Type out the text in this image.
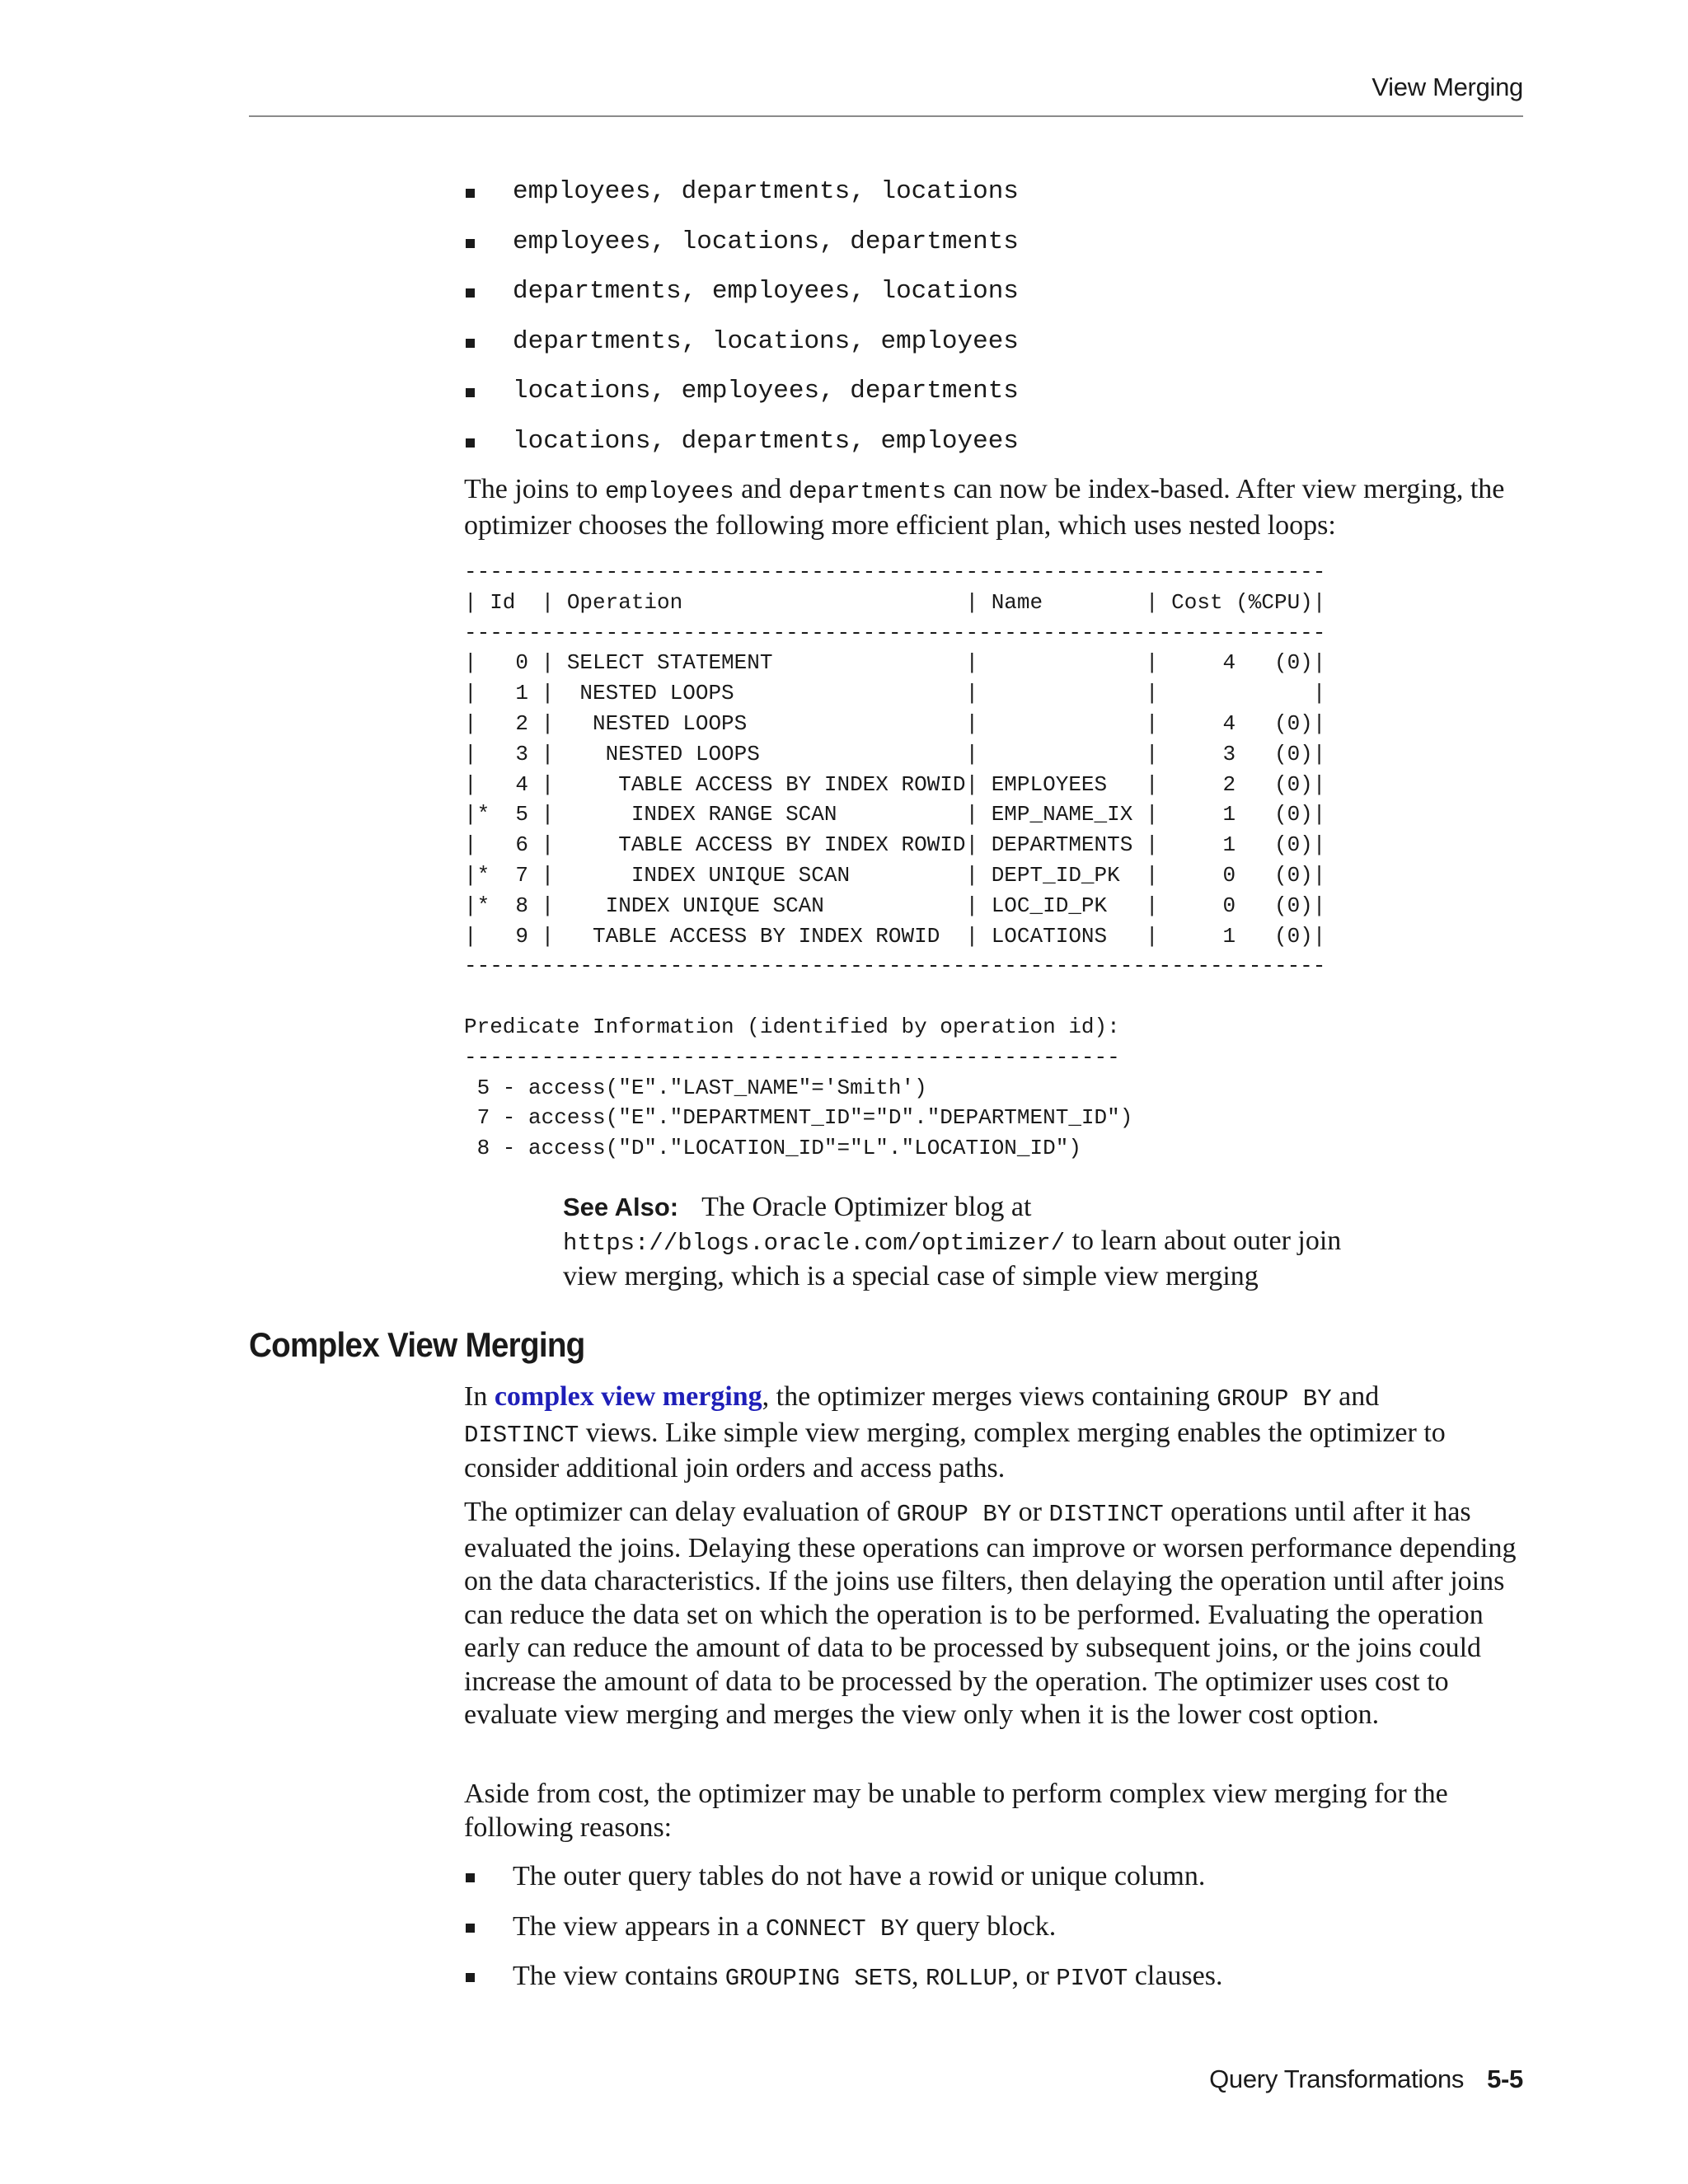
View Merging
employees, departments, locations
employees, locations, departments
departments, employees, locations
departments, locations, employees
locations, employees, departments
locations, departments, employees

The joins to employees and departments can now be index-based. After view merging, the optimizer chooses the following more efficient plan, which uses nested loops:

-------------------------------------------------------------------
| Id  | Operation                      | Name        | Cost (%CPU)|
-------------------------------------------------------------------
|   0 | SELECT STATEMENT               |             |     4   (0)|
|   1 |  NESTED LOOPS                  |             |            |
|   2 |   NESTED LOOPS                 |             |     4   (0)|
|   3 |    NESTED LOOPS                |             |     3   (0)|
|   4 |     TABLE ACCESS BY INDEX ROWID| EMPLOYEES   |     2   (0)|
|*  5 |      INDEX RANGE SCAN          | EMP_NAME_IX |     1   (0)|
|   6 |     TABLE ACCESS BY INDEX ROWID| DEPARTMENTS |     1   (0)|
|*  7 |      INDEX UNIQUE SCAN         | DEPT_ID_PK  |     0   (0)|
|*  8 |    INDEX UNIQUE SCAN           | LOC_ID_PK   |     0   (0)|
|   9 |   TABLE ACCESS BY INDEX ROWID  | LOCATIONS   |     1   (0)|
-------------------------------------------------------------------

Predicate Information (identified by operation id):
---------------------------------------------------
5 - access("E"."LAST_NAME"='Smith')
7 - access("E"."DEPARTMENT_ID"="D"."DEPARTMENT_ID")
8 - access("D"."LOCATION_ID"="L"."LOCATION_ID")
See Also: The Oracle Optimizer blog at
https://blogs.oracle.com/optimizer/ to learn about outer join view merging, which is a special case of simple view merging
Complex View Merging

In complex view merging, the optimizer merges views containing GROUP BY and
DISTINCT views. Like simple view merging, complex merging enables the optimizer to consider additional join orders and access paths.

The optimizer can delay evaluation of GROUP BY or DISTINCT operations until after it has evaluated the joins. Delaying these operations can improve or worsen performance depending on the data characteristics. If the joins use filters, then delaying the operation until after joins can reduce the data set on which the operation is to be performed. Evaluating the operation early can reduce the amount of data to be processed by subsequent joins, or the joins could increase the amount of data to be processed by the operation. The optimizer uses cost to evaluate view merging and merges the view only when it is the lower cost option.

Aside from cost, the optimizer may be unable to perform complex view merging for the following reasons:

The outer query tables do not have a rowid or unique column.
The view appears in a CONNECT BY query block.
The view contains GROUPING SETS, ROLLUP, or PIVOT clauses.
Query Transformations 5-5
